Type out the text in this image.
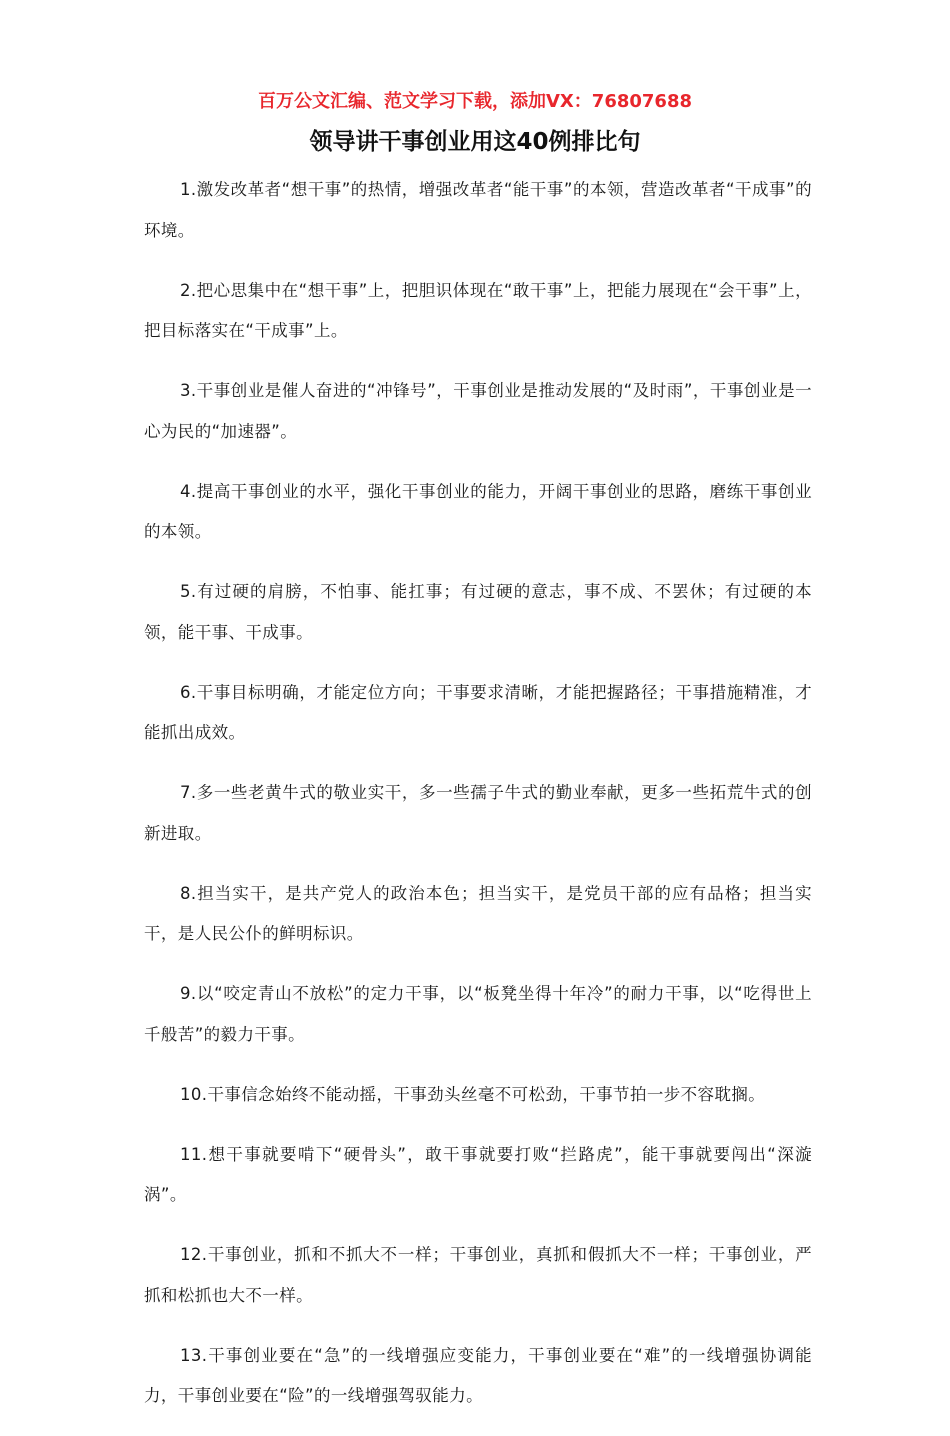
百万公文汇编、范文学习下载，添加VX：76807688
领导讲干事创业用这40例排比句

1.激发改革者“想干事”的热情，增强改革者“能干事”的本领，营造改革者“干成事”的环境。

2.把心思集中在“想干事”上，把胆识体现在“敢干事”上，把能力展现在“会干事”上，把目标落实在“干成事”上。

3.干事创业是催人奋进的“冲锋号”，干事创业是推动发展的“及时雨”，干事创业是一心为民的“加速器”。

4.提高干事创业的水平，强化干事创业的能力，开阔干事创业的思路，磨练干事创业的本领。

5.有过硬的肩膀，不怕事、能扛事；有过硬的意志，事不成、不罢休；有过硬的本领，能干事、干成事。

6.干事目标明确，才能定位方向；干事要求清晰，才能把握路径；干事措施精准，才能抓出成效。

7.多一些老黄牛式的敬业实干，多一些孺子牛式的勤业奉献，更多一些拓荒牛式的创新进取。

8.担当实干，是共产党人的政治本色；担当实干，是党员干部的应有品格；担当实干，是人民公仆的鲜明标识。

9.以“咬定青山不放松”的定力干事，以“板凳坐得十年冷”的耐力干事，以“吃得世上千般苦”的毅力干事。

10.干事信念始终不能动摇，干事劲头丝毫不可松劲，干事节拍一步不容耽搁。

11.想干事就要啃下“硬骨头”，敢干事就要打败“拦路虎”，能干事就要闯出“深漩涡”。

12.干事创业，抓和不抓大不一样；干事创业，真抓和假抓大不一样；干事创业，严抓和松抓也大不一样。

13.干事创业要在“急”的一线增强应变能力，干事创业要在“难”的一线增强协调能力，干事创业要在“险”的一线增强驾驭能力。
